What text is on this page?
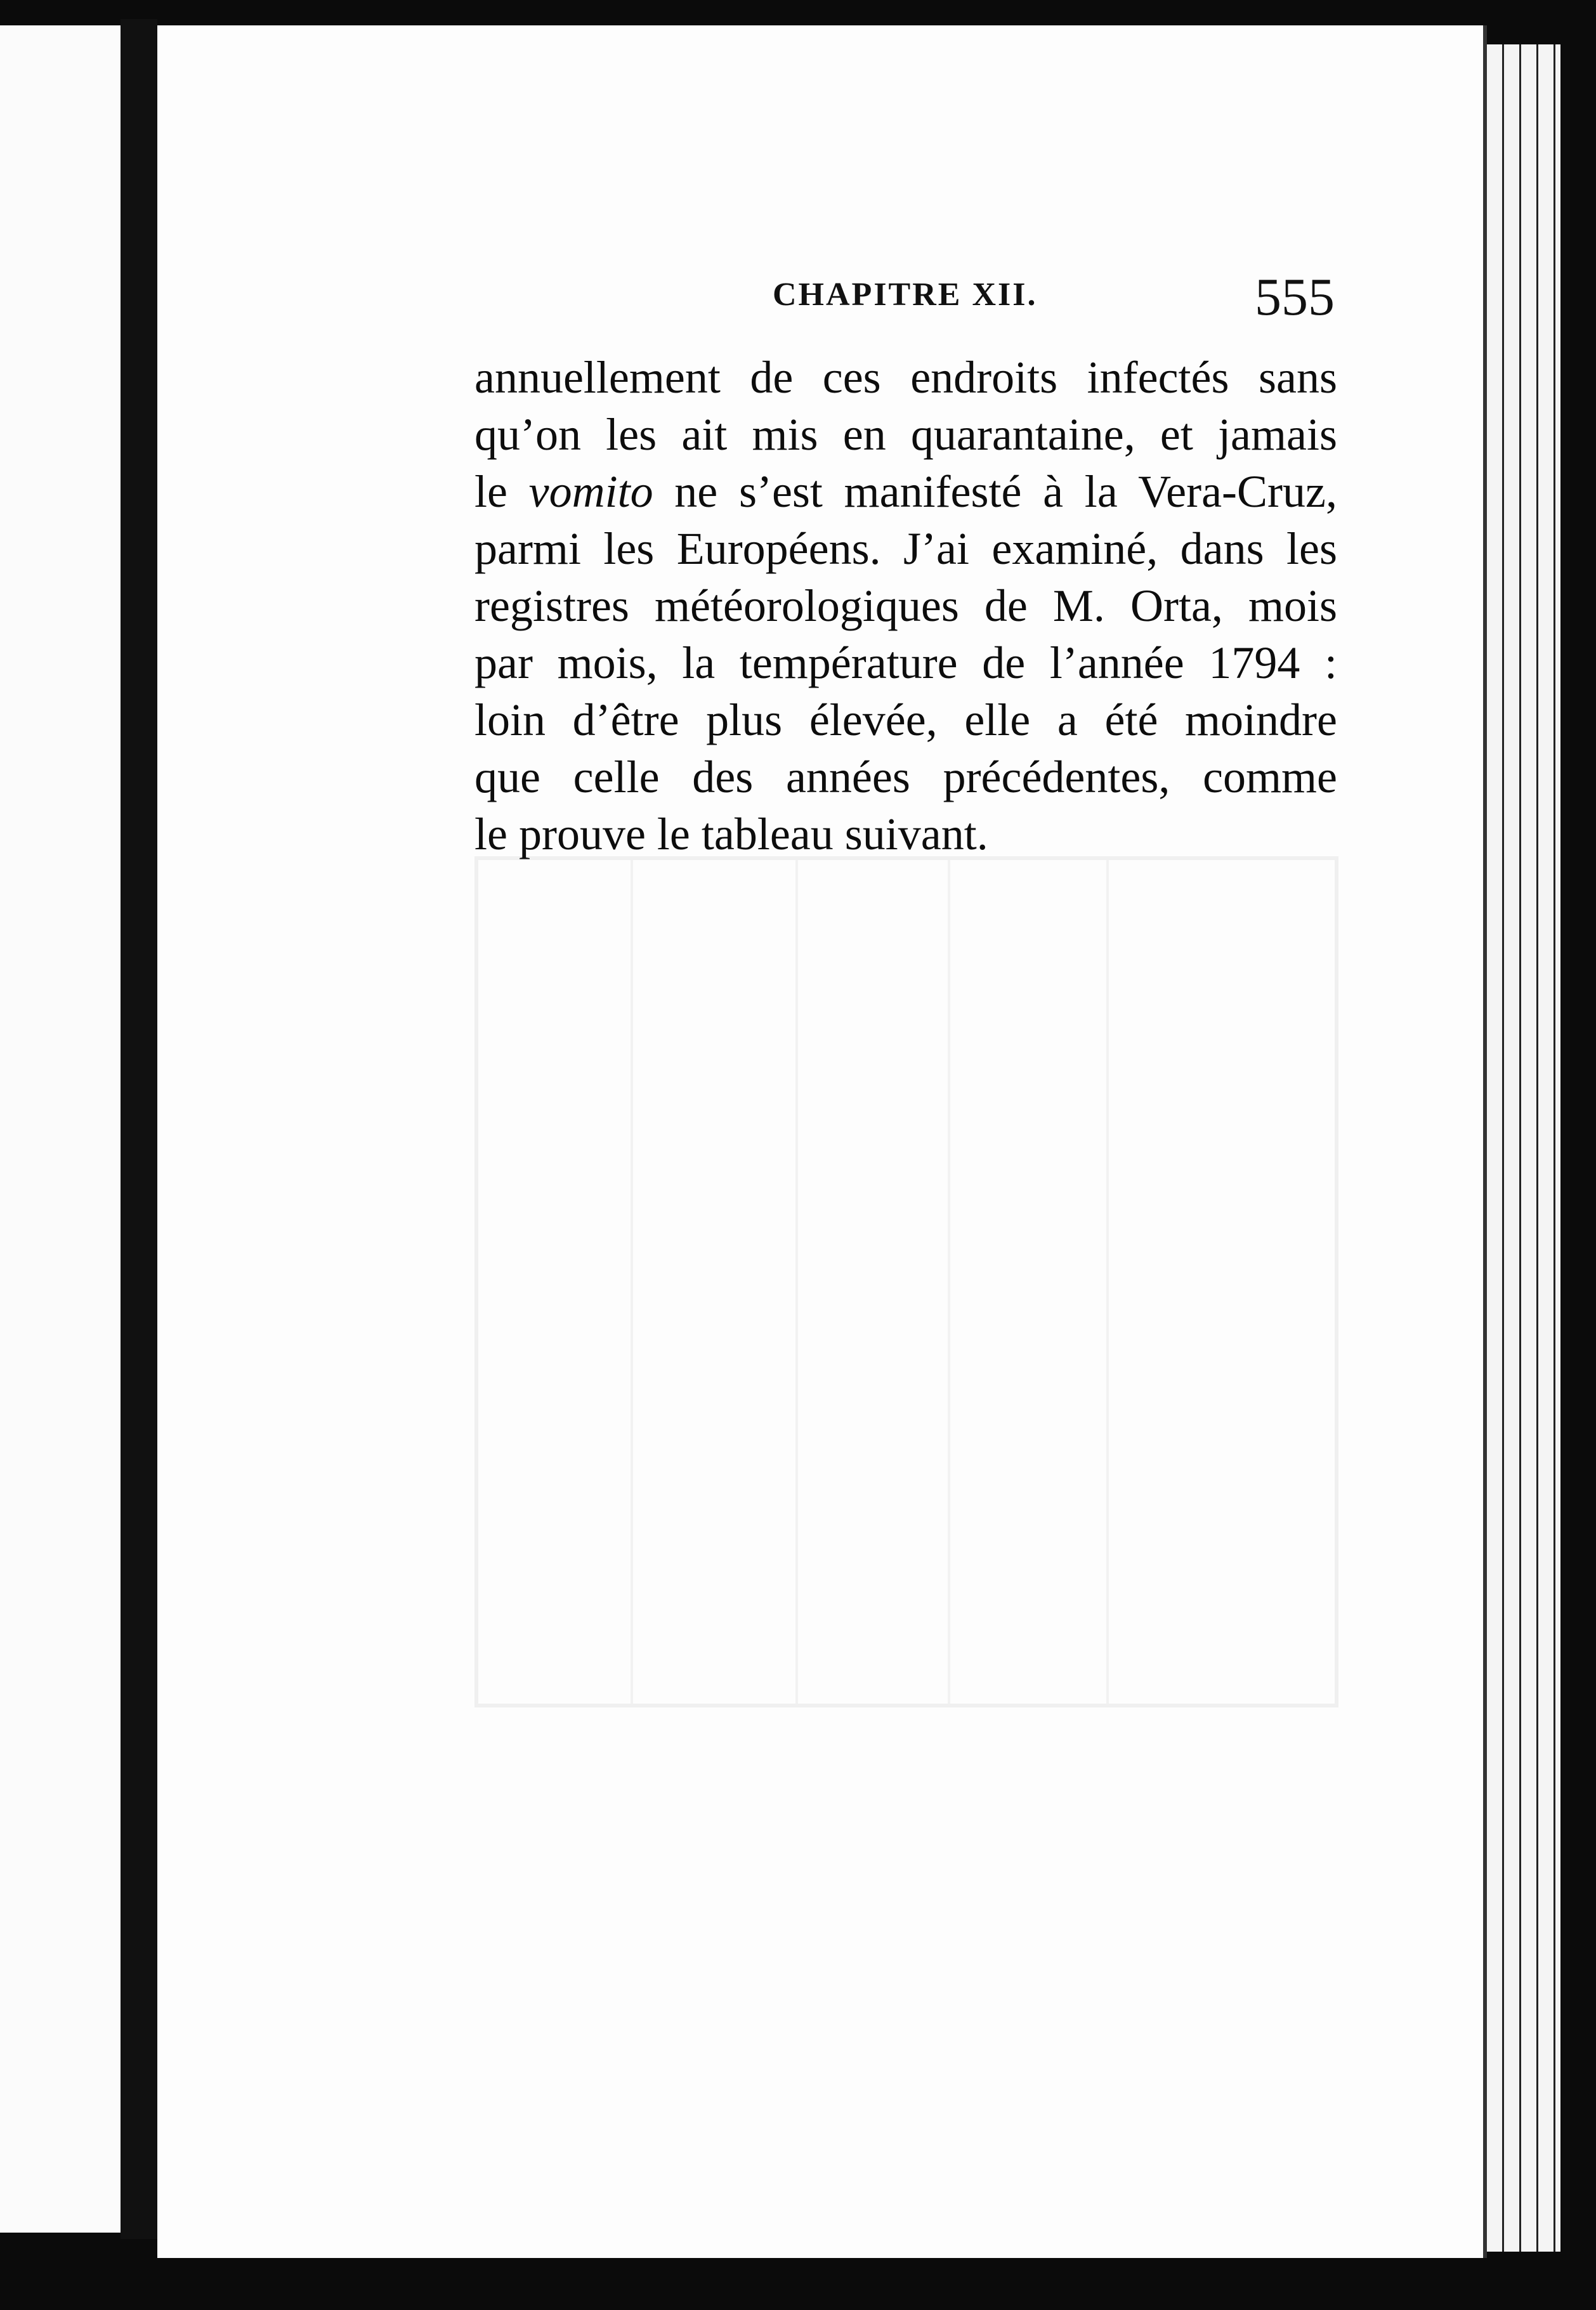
CHAPITRE XII.	555
annuellement de ces endroits infectés sans
qu’on les ait mis en quarantaine, et jamais
le vomito ne s’est manifesté à la Vera-Cruz,
parmi les Européens. J’ai examiné, dans les
registres météorologiques de M. Orta, mois
par mois, la température de l’année 1794 :
loin d’être plus élevée, elle a été moindre
que celle des années précédentes, comme
le prouve le tableau suivant.
